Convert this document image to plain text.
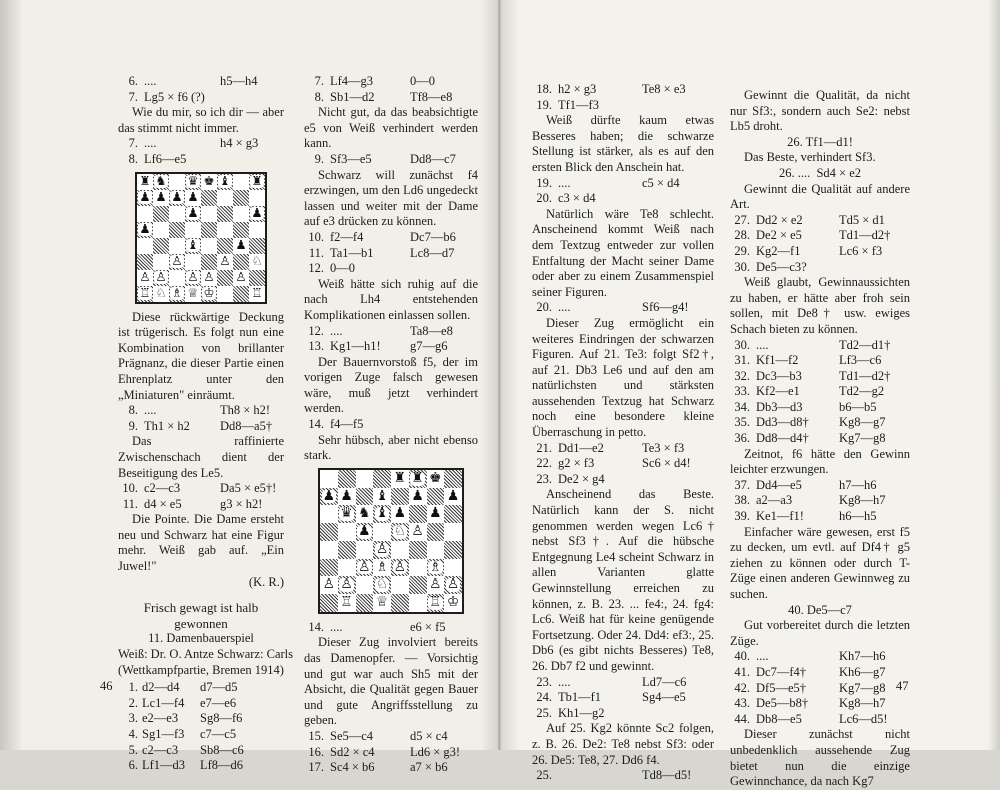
6. ....	h5—h4
7. Lg5 × f6 (?)

Wie du mir, so ich dir — aber das stimmt nicht immer.

7. ....	h4 × g3
8. Lf6—e5
♜ ♞ ♛ ♚ ♝ ♜
♟ ♟ ♟ ♟
♟	♟
♟
♝	♟
♙	♙ ♘
♙ ♙ ♙ ♙ ♙
♖ ♘ ♗ ♕ ♔	♖

Diese rückwärtige Deckung ist trügerisch. Es folgt nun eine Kombination von brillanter Prägnanz, die dieser Partie einen Ehrenplatz unter den „Miniaturen" einräumt.

8. ....	Th8 × h2!
9. Th1 × h2	Dd8—a5†

Das raffinierte Zwischenschach dient der Beseitigung des Le5.

10. c2—c3	Da5 × e5†!
11. d4 × e5	g3 × h2!

Die Pointe. Die Dame ersteht neu und Schwarz hat eine Figur mehr. Weiß gab auf. „Ein Juwel!"

(K. R.)

Frisch gewagt ist halb gewonnen

11. Damenbauerspiel

Weiß: Dr. O. Antze Schwarz: Carls

(Wettkampfpartie, Bremen 1914)

1. d2—d4	d7—d5
2. Lc1—f4	e7—e6
3. e2—e3	Sg8—f6
4. Sg1—f3	c7—c5
5. c2—c3	Sb8—c6
6. Lf1—d3	Lf8—d6
7. Lf4—g3	0—0
8. Sb1—d2	Tf8—e8

Nicht gut, da das beabsichtigte e5 von Weiß verhindert werden kann.

9. Sf3—e5	Dd8—c7

Schwarz will zunächst f4 erzwingen, um den Ld6 ungedeckt lassen und weiter mit der Dame auf e3 drücken zu können.

10. f2—f4	Dc7—b6
11. Ta1—b1	Lc8—d7
12. 0—0

Weiß hätte sich ruhig auf die nach Lh4 entstehenden Komplikationen einlassen sollen.

12. ....	Ta8—e8
13. Kg1—h1!	g7—g6

Der Bauernvorstoß f5, der im vorigen Zuge falsch gewesen wäre, muß jetzt verhindert werden.

14. f4—f5

Sehr hübsch, aber nicht ebenso stark.

♜ ♜ ♚
♟ ♟ ♝ ♟ ♟
♛ ♞ ♝ ♟ ♟
♟ ♘ ♙
♙
♙ ♗ ♙ ♗
♙ ♙ ♘	♙ ♙
♖ ♕	♖ ♔
14. ....	e6 × f5

Dieser Zug involviert bereits das Damenopfer. — Vorsichtig und gut war auch Sh5 mit der Absicht, die Qualität gegen Bauer und gute Angriffsstellung zu geben.

15. Se5—c4	d5 × c4
16. Sd2 × c4	Ld6 × g3!
17. Sc4 × b6	a7 × b6
46
18. h2 × g3	Te8 × e3
19. Tf1—f3

Weiß dürfte kaum etwas Besseres haben; die schwarze Stellung ist stärker, als es auf den ersten Blick den Anschein hat.

19. ....	c5 × d4
20. c3 × d4

Natürlich wäre Te8 schlecht. Anscheinend kommt Weiß nach dem Textzug entweder zur vollen Entfaltung der Macht seiner Dame oder aber zu einem Zusammenspiel seiner Figuren.

20. ....	Sf6—g4!

Dieser Zug ermöglicht ein weiteres Eindringen der schwarzen Figuren. Auf 21. Te3: folgt Sf2†, auf 21. Db3 Le6 und auf den am natürlichsten und stärksten aussehenden Textzug hat Schwarz noch eine besondere kleine Überraschung in petto.

21. Dd1—e2	Te3 × f3
22. g2 × f3	Sc6 × d4!
23. De2 × g4

Anscheinend das Beste. Natürlich kann der S. nicht genommen werden wegen Lc6† nebst Sf3†. Auf die hübsche Entgegnung Le4 scheint Schwarz in allen Varianten glatte Gewinnstellung erreichen zu können, z. B. 23. ... fe4:, 24. fg4: Lc6. Weiß hat für keine genügende Fortsetzung. Oder 24. Dd4: ef3:, 25. Db6 (es gibt nichts Besseres) Te8, 26. Db7 f2 und gewinnt.

23. ....	Ld7—c6
24. Tb1—f1	Sg4—e5
25. Kh1—g2

Auf 25. Kg2 könnte Sc2 folgen, z. B. 26. De2: Te8 nebst Sf3: oder 26. De5: Te8, 27. Dd6 f4.

25.	Td8—d5!

Gewinnt die Qualität, da nicht nur Sf3:, sondern auch Se2: nebst Lb5 droht.

26. Tf1—d1!

Das Beste, verhindert Sf3.

26. ....  Sd4 × e2

Gewinnt die Qualität auf andere Art.

27. Dd2 × e2	Td5 × d1
28. De2 × e5	Td1—d2†
29. Kg2—f1	Lc6 × f3
30. De5—c3?

Weiß glaubt, Gewinnaussichten zu haben, er hätte aber froh sein sollen, mit De8† usw. ewiges Schach bieten zu können.

30. ....	Td2—d1†
31. Kf1—f2	Lf3—c6
32. Dc3—b3	Td1—d2†
33. Kf2—e1	Td2—g2
34. Db3—d3	b6—b5
35. Dd3—d8†	Kg8—g7
36. Dd8—d4†	Kg7—g8

Zeitnot, f6 hätte den Gewinn leichter erzwungen.

37. Dd4—e5	h7—h6
38. a2—a3	Kg8—h7
39. Ke1—f1!	h6—h5

Einfacher wäre gewesen, erst f5 zu decken, um evtl. auf Df4† g5 ziehen zu können oder durch T-Züge einen anderen Gewinnweg zu suchen.

40. De5—c7

Gut vorbereitet durch die letzten Züge.

40. ....	Kh7—h6
41. Dc7—f4†	Kh6—g7
42. Df5—e5†	Kg7—g8
43. De5—b8†	Kg8—h7
44. Db8—e5	Lc6—d5!

Dieser zunächst nicht unbedenklich aussehende Zug bietet nun die einzige Gewinnchance, da nach Kg7

47
